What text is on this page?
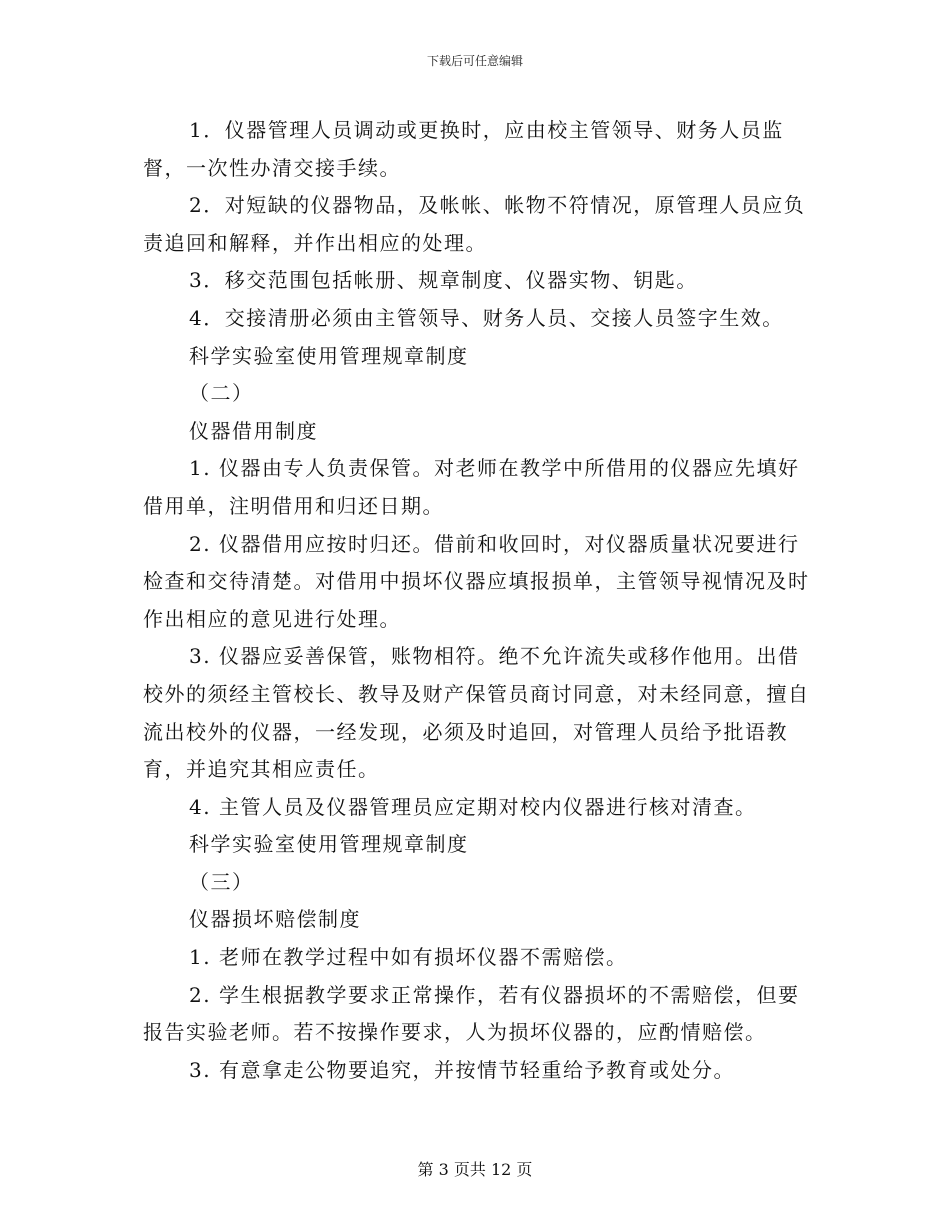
下载后可任意编辑

1．仪器管理人员调动或更换时，应由校主管领导、财务人员监督，一次性办清交接手续。

2．对短缺的仪器物品，及帐帐、帐物不符情况，原管理人员应负责追回和解释，并作出相应的处理。

3．移交范围包括帐册、规章制度、仪器实物、钥匙。

4．交接清册必须由主管领导、财务人员、交接人员签字生效。

科学实验室使用管理规章制度

（二）

仪器借用制度

1. 仪器由专人负责保管。对老师在教学中所借用的仪器应先填好借用单，注明借用和归还日期。

2. 仪器借用应按时归还。借前和收回时，对仪器质量状况要进行检查和交待清楚。对借用中损坏仪器应填报损单，主管领导视情况及时作出相应的意见进行处理。

3. 仪器应妥善保管，账物相符。绝不允许流失或移作他用。出借校外的须经主管校长、教导及财产保管员商讨同意，对未经同意，擅自流出校外的仪器，一经发现，必须及时追回，对管理人员给予批语教育，并追究其相应责任。

4. 主管人员及仪器管理员应定期对校内仪器进行核对清查。

科学实验室使用管理规章制度

（三）

仪器损坏赔偿制度

1. 老师在教学过程中如有损坏仪器不需赔偿。

2. 学生根据教学要求正常操作，若有仪器损坏的不需赔偿，但要报告实验老师。若不按操作要求，人为损坏仪器的，应酌情赔偿。

3. 有意拿走公物要追究，并按情节轻重给予教育或处分。

第 3 页共 12 页
